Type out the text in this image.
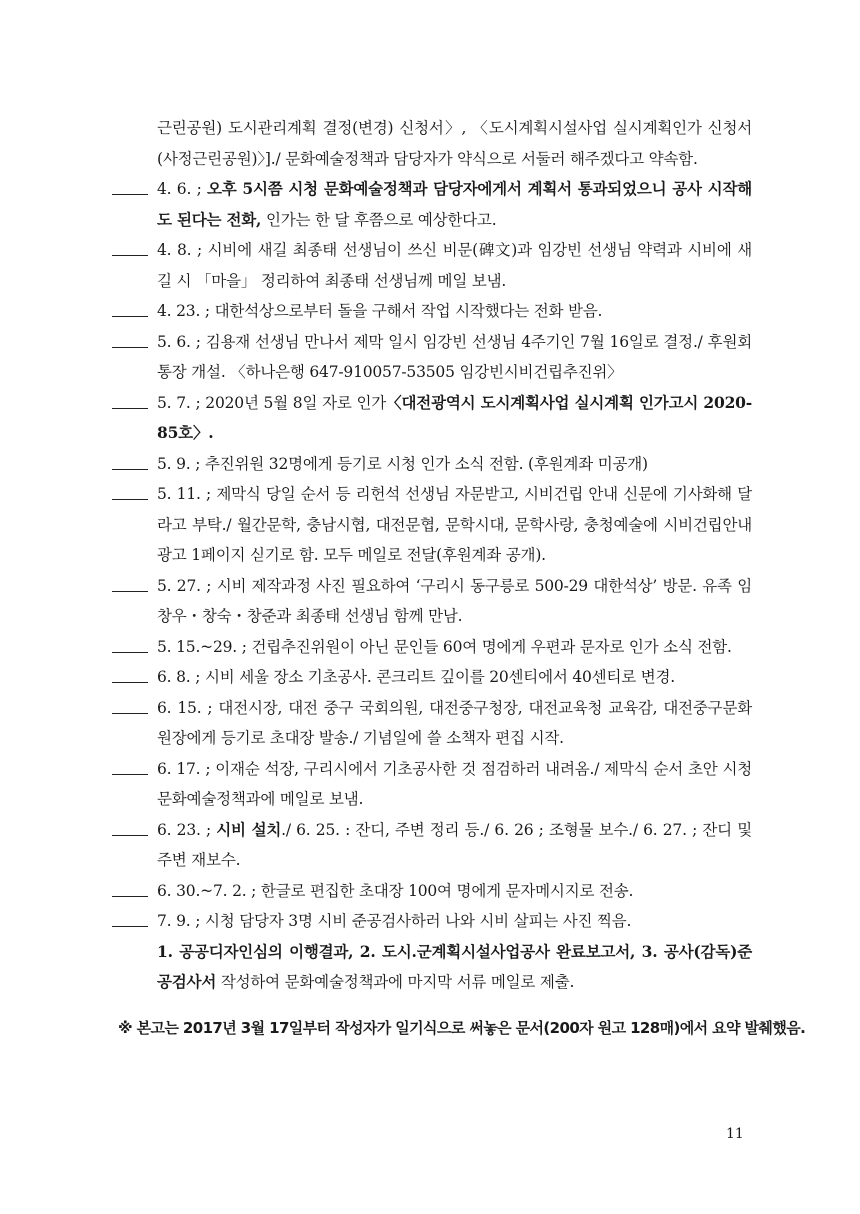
근린공원) 도시관리계획 결정(변경) 신청서〉, 〈도시계획시설사업 실시계획인가 신청서(사정근린공원)〉]./ 문화예술정책과 담당자가 약식으로 서둘러 해주겠다고 약속함.
4. 6. ; 오후 5시쯤 시청 문화예술정책과 담당자에게서 계획서 통과되었으니 공사 시작해도 된다는 전화, 인가는 한 달 후쯤으로 예상한다고.
4. 8. ; 시비에 새길 최종태 선생님이 쓰신 비문(碑文)과 임강빈 선생님 약력과 시비에 새길 시 「마을」 정리하여 최종태 선생님께 메일 보냄.
4. 23. ; 대한석상으로부터 돌을 구해서 작업 시작했다는 전화 받음.
5. 6. ; 김용재 선생님 만나서 제막 일시 임강빈 선생님 4주기인 7월 16일로 결정./ 후원회 통장 개설. 〈하나은행 647-910057-53505 임강빈시비건립추진위〉
5. 7. ; 2020년 5월 8일 자로 인가〈대전광역시 도시계획사업 실시계획 인가고시 2020-85호〉.
5. 9. ; 추진위원 32명에게 등기로 시청 인가 소식 전함. (후원계좌 미공개)
5. 11. ; 제막식 당일 순서 등 리헌석 선생님 자문받고, 시비건립 안내 신문에 기사화해 달라고 부탁./ 월간문학, 충남시협, 대전문협, 문학시대, 문학사랑, 충청예술에 시비건립안내 광고 1페이지 싣기로 함. 모두 메일로 전달(후원계좌 공개).
5. 27. ; 시비 제작과정 사진 필요하여 ‘구리시 동구릉로 500-29 대한석상’ 방문. 유족 임창우・창숙・창준과 최종태 선생님 함께 만남.
5. 15.~29. ; 건립추진위원이 아닌 문인들 60여 명에게 우편과 문자로 인가 소식 전함.
6. 8. ; 시비 세울 장소 기초공사. 콘크리트 깊이를 20센티에서 40센티로 변경.
6. 15. ; 대전시장, 대전 중구 국회의원, 대전중구청장, 대전교육청 교육감, 대전중구문화원장에게 등기로 초대장 발송./ 기념일에 쓸 소책자 편집 시작.
6. 17. ; 이재순 석장, 구리시에서 기초공사한 것 점검하러 내려옴./ 제막식 순서 초안 시청 문화예술정책과에 메일로 보냄.
6. 23. ; 시비 설치./ 6. 25. : 잔디, 주변 정리 등./ 6. 26 ; 조형물 보수./ 6. 27. ; 잔디 및 주변 재보수.
6. 30.~7. 2. ; 한글로 편집한 초대장 100여 명에게 문자메시지로 전송.
7. 9. ; 시청 담당자 3명 시비 준공검사하러 나와 시비 살피는 사진 찍음.
1. 공공디자인심의 이행결과, 2. 도시.군계획시설사업공사 완료보고서, 3. 공사(감독)준공검사서 작성하여 문화예술정책과에 마지막 서류 메일로 제출.
※ 본고는 2017년 3월 17일부터 작성자가 일기식으로 써놓은 문서(200자 원고 128매)에서 요약 발췌했음.
11
